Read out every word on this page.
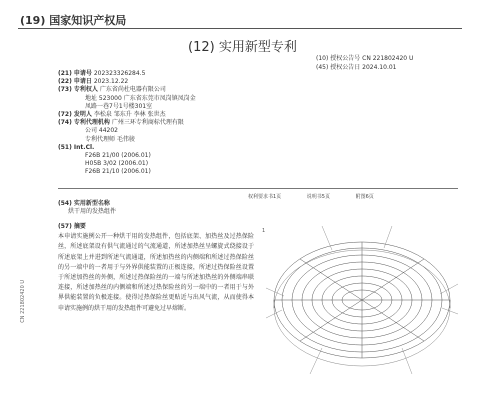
(19) 国家知识产权局
(12) 实用新型专利
(10) 授权公告号 CN 221802420 U
(45) 授权公告日 2024.10.01
(21) 申请号 202323326284.5
(22) 申请日 2023.12.22
(73) 专利权人 广东省尚杜电器有限公司
地址 523000 广东省东莞市凤岗镇凤岗金
凤路一巷7号1号楼301室
(72) 发明人 李松泉 邹东升 李林 张世杰
(74) 专利代理机构 广州三环专利商标代理有限
公司 44202
专利代理师 毛伟骏
(51) Int.Cl.
F26B 21/00 (2006.01)
H05B 3/02 (2006.01)
F26B 21/10 (2006.01)
权利要求书1页	说明书5页	附图6页
(54) 实用新型名称
烘干用的发热组件
(57) 摘要
本申请实施例公开一种烘干用的发热组件，包括底架、加热丝及过热保险丝，所述底架设有供气流通过的气流通道，所述加热丝呈螺旋式绕接设于所述底架上并进到所述气流通道，所述加热丝的内侧端和所述过热保险丝的另一端中的一者用于与外界供能装置的正极连接，所述过热保险丝设置于所述加热丝的外侧，所述过热保险丝的一端与所述加热丝的外侧端串联连接，所述加热丝的内侧端和所述过热保险丝的另一端中的一者用于与外界供能装置的负极连接。使得过热保险丝更贴近与出风气流，从而使得本申请实施例的烘干用的发热组件可避免过早熔断。
CN 221802420 U
1
